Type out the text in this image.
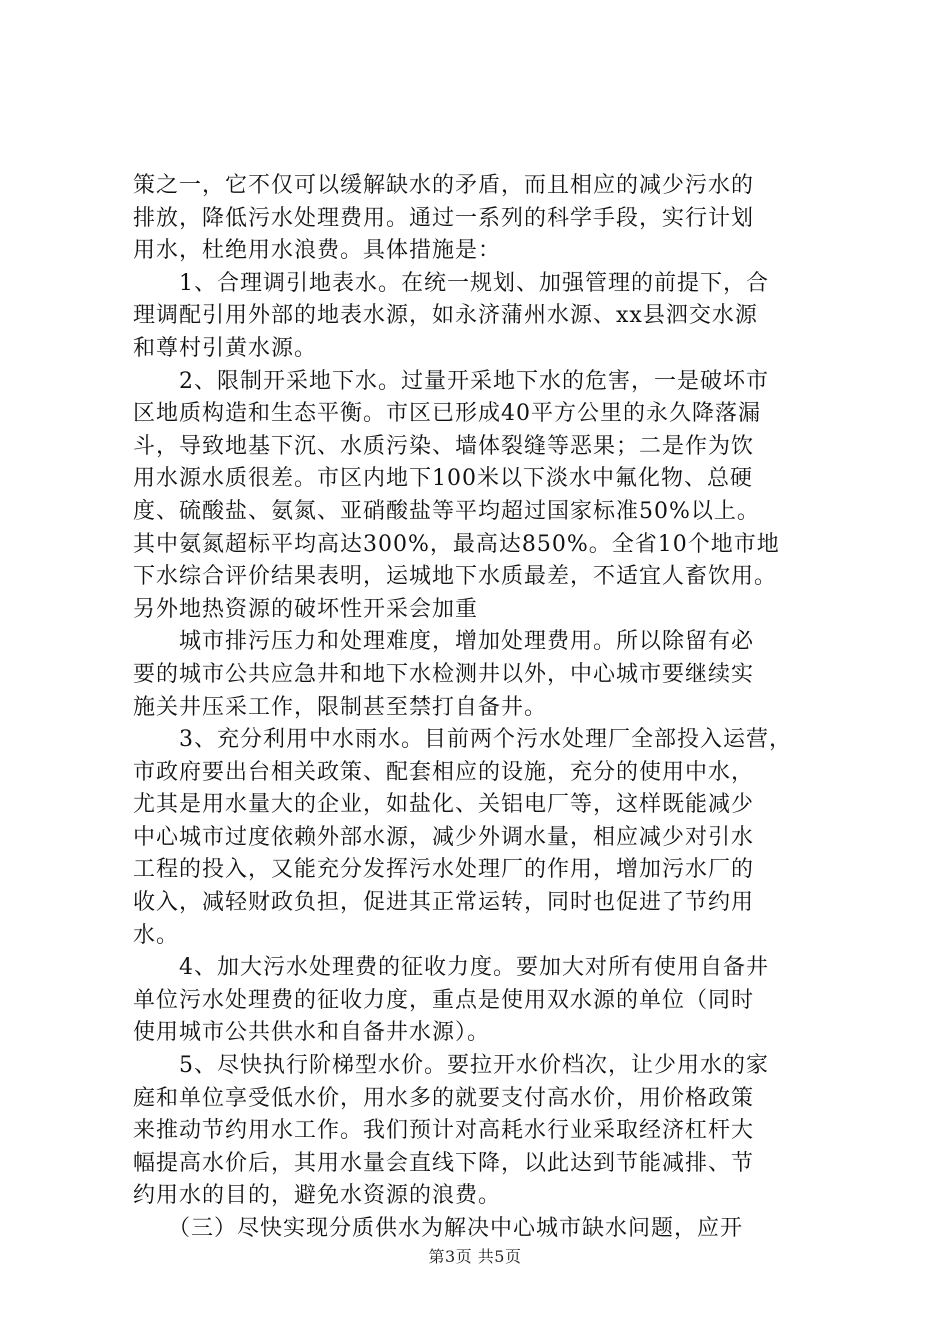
策之一，它不仅可以缓解缺水的矛盾，而且相应的减少污水的
排放，降低污水处理费用。通过一系列的科学手段，实行计划
用水，杜绝用水浪费。具体措施是：
　　1、合理调引地表水。在统一规划、加强管理的前提下，合
理调配引用外部的地表水源，如永济蒲州水源、xx县泗交水源
和尊村引黄水源。
　　2、限制开采地下水。过量开采地下水的危害，一是破坏市
区地质构造和生态平衡。市区已形成40平方公里的永久降落漏
斗，导致地基下沉、水质污染、墙体裂缝等恶果；二是作为饮
用水源水质很差。市区内地下100米以下淡水中氟化物、总硬
度、硫酸盐、氨氮、亚硝酸盐等平均超过国家标准50%以上。
其中氨氮超标平均高达300%，最高达850%。全省10个地市地
下水综合评价结果表明，运城地下水质最差，不适宜人畜饮用。
另外地热资源的破坏性开采会加重
　　城市排污压力和处理难度，增加处理费用。所以除留有必
要的城市公共应急井和地下水检测井以外，中心城市要继续实
施关井压采工作，限制甚至禁打自备井。
　　3、充分利用中水雨水。目前两个污水处理厂全部投入运营，
市政府要出台相关政策、配套相应的设施，充分的使用中水，
尤其是用水量大的企业，如盐化、关铝电厂等，这样既能减少
中心城市过度依赖外部水源，减少外调水量，相应减少对引水
工程的投入，又能充分发挥污水处理厂的作用，增加污水厂的
收入，减轻财政负担，促进其正常运转，同时也促进了节约用
水。
　　4、加大污水处理费的征收力度。要加大对所有使用自备井
单位污水处理费的征收力度，重点是使用双水源的单位（同时
使用城市公共供水和自备井水源）。
　　5、尽快执行阶梯型水价。要拉开水价档次，让少用水的家
庭和单位享受低水价，用水多的就要支付高水价，用价格政策
来推动节约用水工作。我们预计对高耗水行业采取经济杠杆大
幅提高水价后，其用水量会直线下降，以此达到节能减排、节
约用水的目的，避免水资源的浪费。
　　（三）尽快实现分质供水为解决中心城市缺水问题，应开
第3页 共5页
